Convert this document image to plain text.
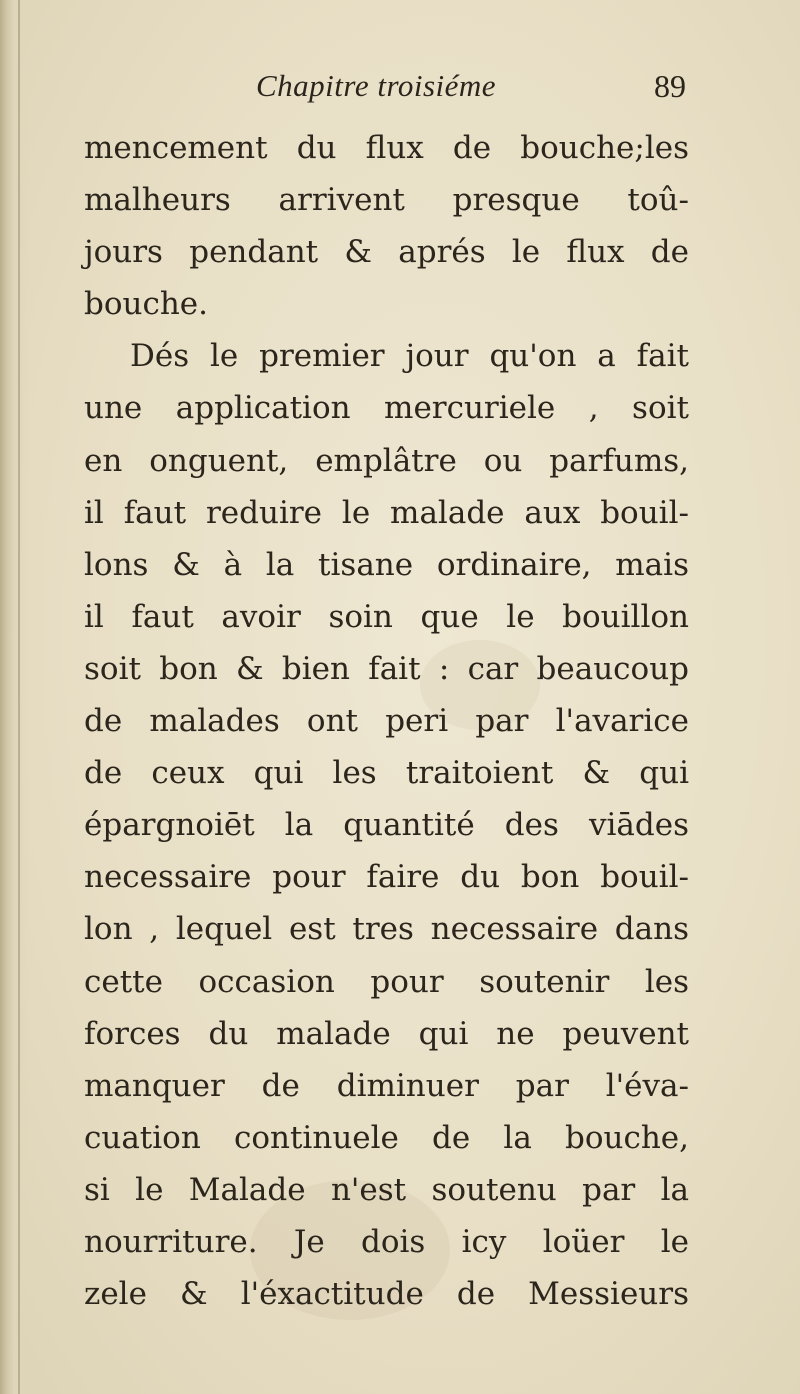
Chapitre troisiéme	89
mencement du flux de bouche;les
malheurs arrivent presque toû-
jours pendant & aprés le flux de
bouche.
Dés le premier jour qu'on a fait
une application mercuriele , soit
en onguent, emplâtre ou parfums,
il faut reduire le malade aux bouil-
lons & à la tisane ordinaire, mais
il faut avoir soin que le bouillon
soit bon & bien fait : car beaucoup
de malades ont peri par l'avarice
de ceux qui les traitoient & qui
épargnoiēt la quantité des viādes
necessaire pour faire du bon bouil-
lon , lequel est tres necessaire dans
cette occasion pour soutenir les
forces du malade qui ne peuvent
manquer de diminuer par l'éva-
cuation continuele de la bouche,
si le Malade n'est soutenu par la
nourriture. Je dois icy loüer le
zele & l'éxactitude de Messieurs
